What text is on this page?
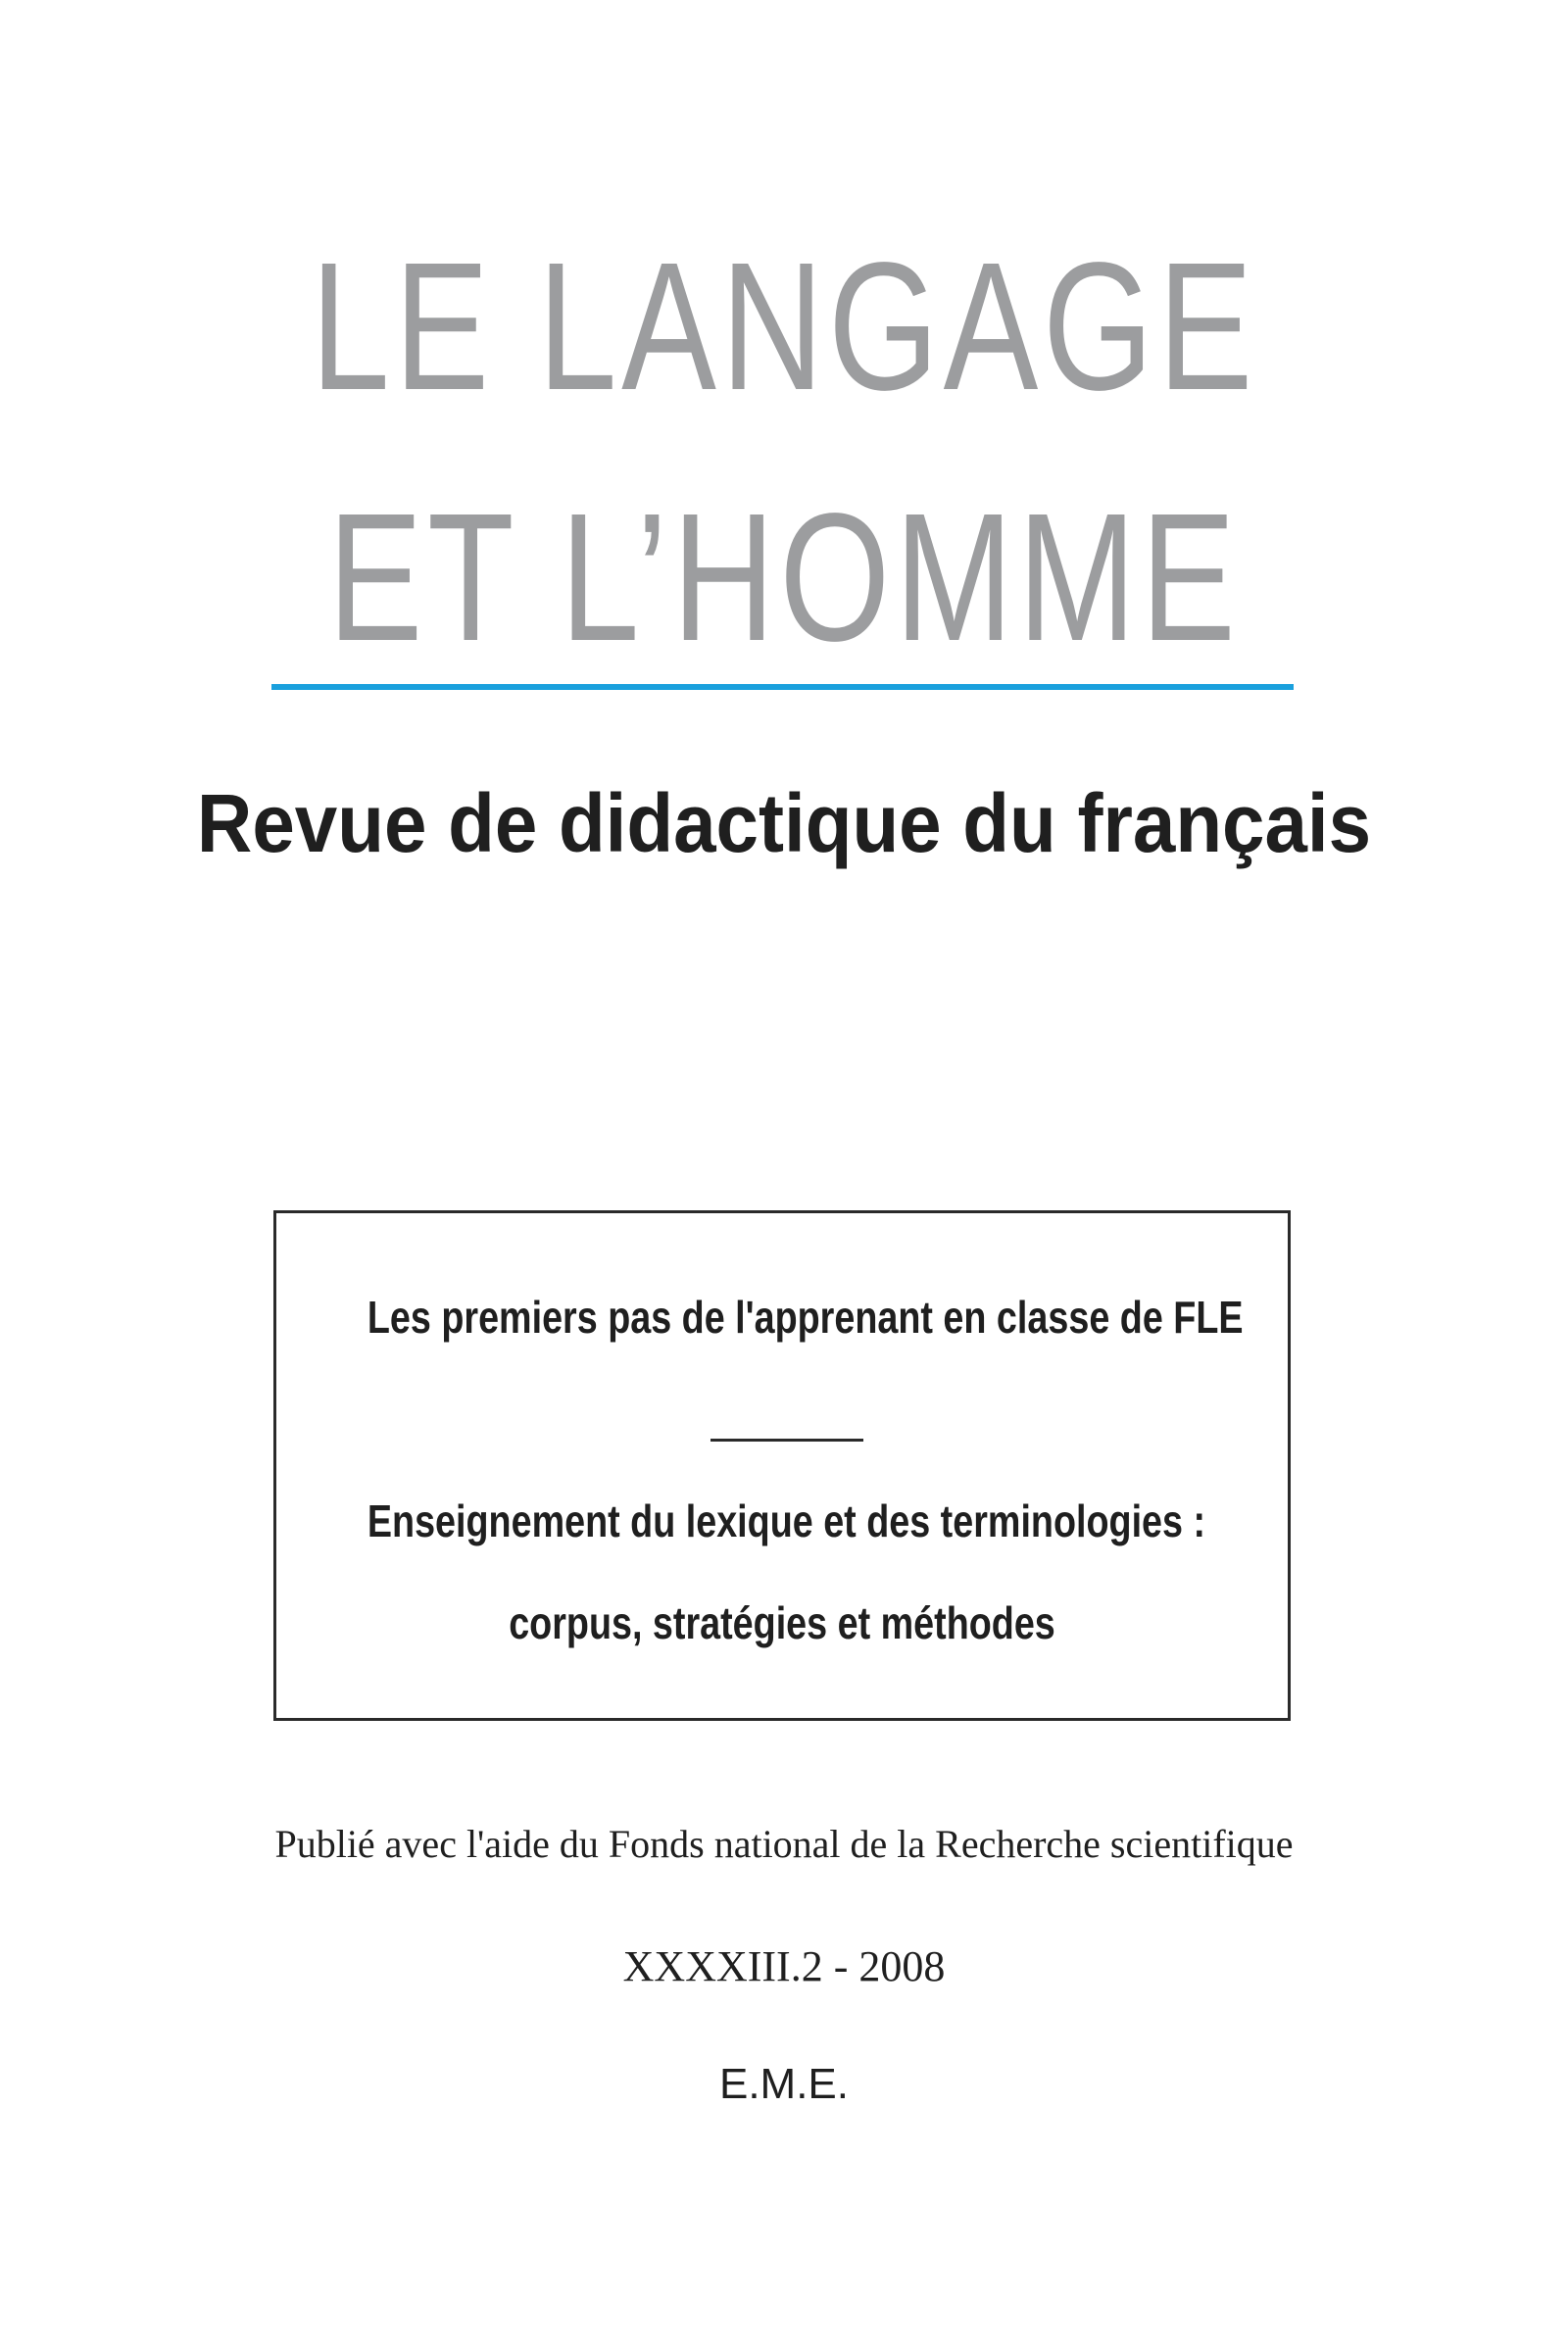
LE LANGAGE
ET L’HOMME
Revue de didactique du français
Les premiers pas de l'apprenant en classe de FLE
Enseignement du lexique et des terminologies :
corpus, stratégies et méthodes
Publié avec l'aide du Fonds national de la Recherche scientifique
XXXXIII.2 - 2008
E.M.E.
